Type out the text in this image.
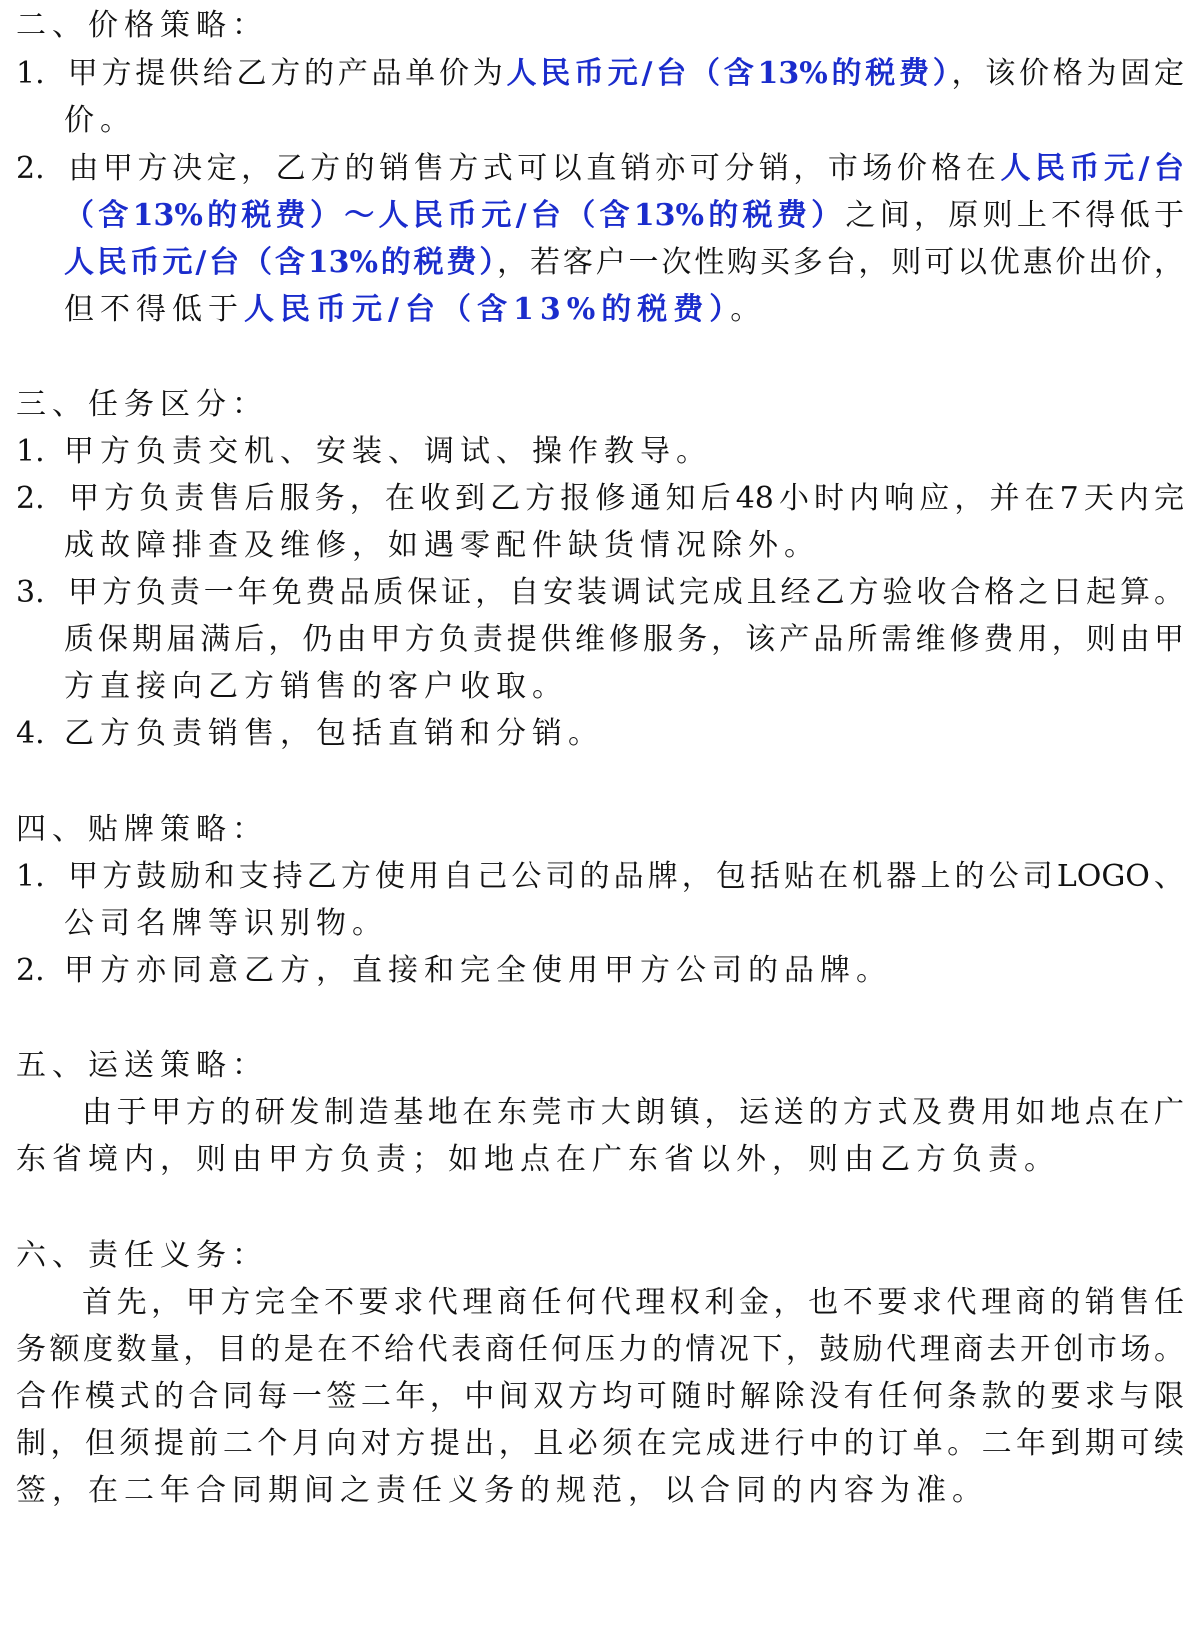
二、价格策略：
1. 甲方提供给乙方的产品单价为人民币元/台（含13%的税费），该价格为固定
价。
2. 由甲方决定，乙方的销售方式可以直销亦可分销，市场价格在人民币元/台
（含13%的税费）～人民币元/台（含13%的税费）之间，原则上不得低于
人民币元/台（含13%的税费），若客户一次性购买多台，则可以优惠价出价，
但不得低于人民币元/台（含13%的税费）。
三、任务区分：
1. 甲方负责交机、安装、调试、操作教导。
2. 甲方负责售后服务，在收到乙方报修通知后48小时内响应，并在7天内完
成故障排查及维修，如遇零配件缺货情况除外。
3. 甲方负责一年免费品质保证，自安装调试完成且经乙方验收合格之日起算。
质保期届满后，仍由甲方负责提供维修服务，该产品所需维修费用，则由甲
方直接向乙方销售的客户收取。
4. 乙方负责销售，包括直销和分销。
四、贴牌策略：
1. 甲方鼓励和支持乙方使用自己公司的品牌，包括贴在机器上的公司LOGO、
公司名牌等识别物。
2. 甲方亦同意乙方，直接和完全使用甲方公司的品牌。
五、运送策略：
由于甲方的研发制造基地在东莞市大朗镇，运送的方式及费用如地点在广
东省境内，则由甲方负责；如地点在广东省以外，则由乙方负责。
六、责任义务：
首先，甲方完全不要求代理商任何代理权利金，也不要求代理商的销售任
务额度数量，目的是在不给代表商任何压力的情况下，鼓励代理商去开创市场。
合作模式的合同每一签二年，中间双方均可随时解除没有任何条款的要求与限
制，但须提前二个月向对方提出，且必须在完成进行中的订单。二年到期可续
签，在二年合同期间之责任义务的规范，以合同的内容为准。
